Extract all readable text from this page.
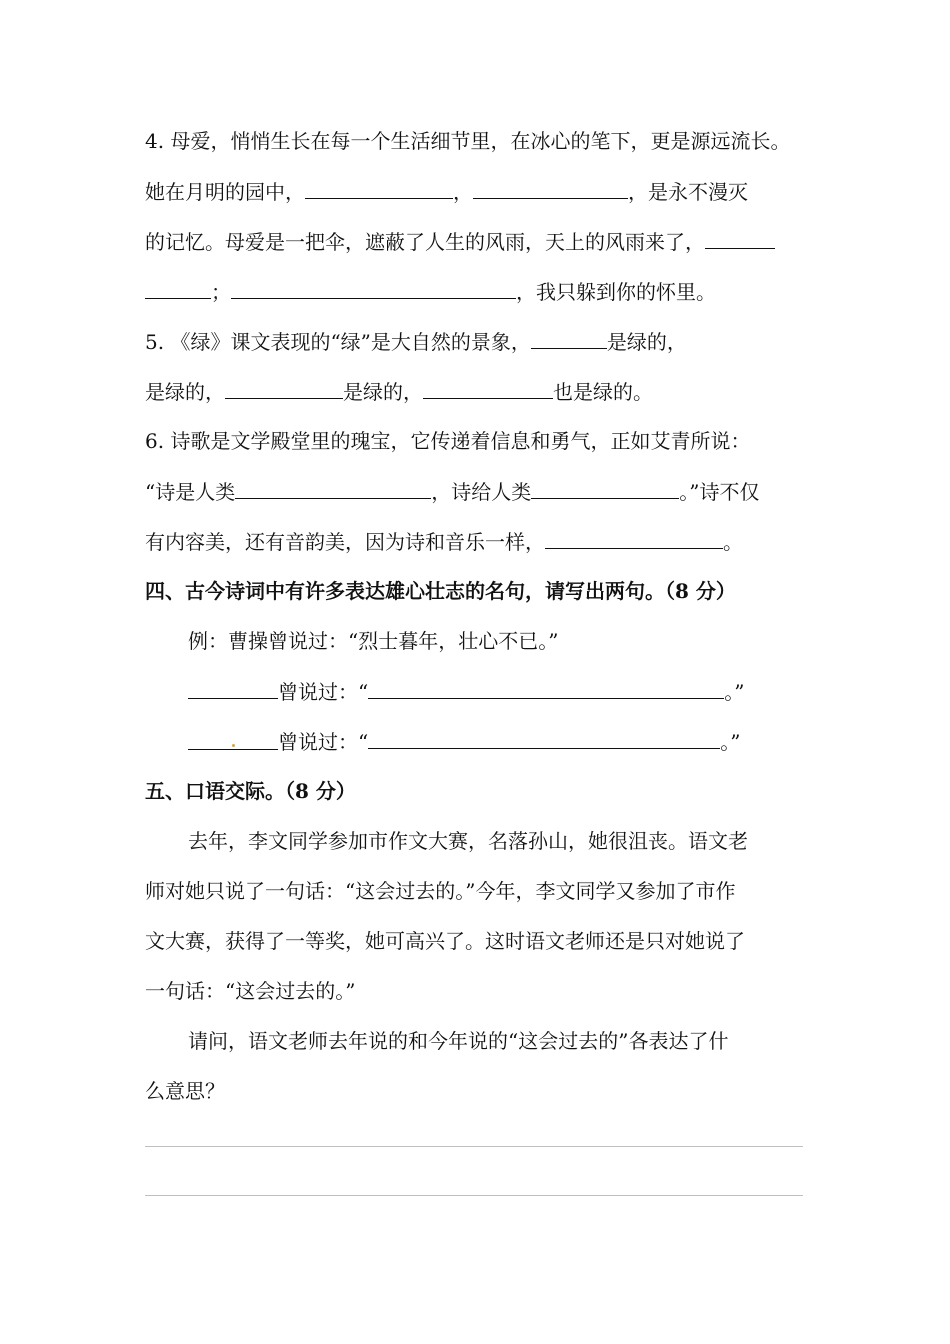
4. 母爱，悄悄生长在每一个生活细节里，在冰心的笔下，更是源远流长。
她在月明的园中，	，	，是永不漫灭
的记忆。母爱是一把伞，遮蔽了人生的风雨，天上的风雨来了，
；	，我只躲到你的怀里。
5. 《绿》课文表现的“绿”是大自然的景象，	是绿的，
是绿的，	是绿的，	也是绿的。
6. 诗歌是文学殿堂里的瑰宝，它传递着信息和勇气，正如艾青所说：
“诗是人类	，诗给人类	。”诗不仅
有内容美，还有音韵美，因为诗和音乐一样，	。
四、古今诗词中有许多表达雄心壮志的名句，请写出两句。（8 分）
例：曹操曾说过：“烈士暮年，壮心不已。”
曾说过：“	。”
曾说过：“	。”
五、口语交际。（8 分）
去年，李文同学参加市作文大赛，名落孙山，她很沮丧。语文老
师对她只说了一句话：“这会过去的。”今年，李文同学又参加了市作
文大赛，获得了一等奖，她可高兴了。这时语文老师还是只对她说了
一句话：“这会过去的。”
请问，语文老师去年说的和今年说的“这会过去的”各表达了什
么意思？
